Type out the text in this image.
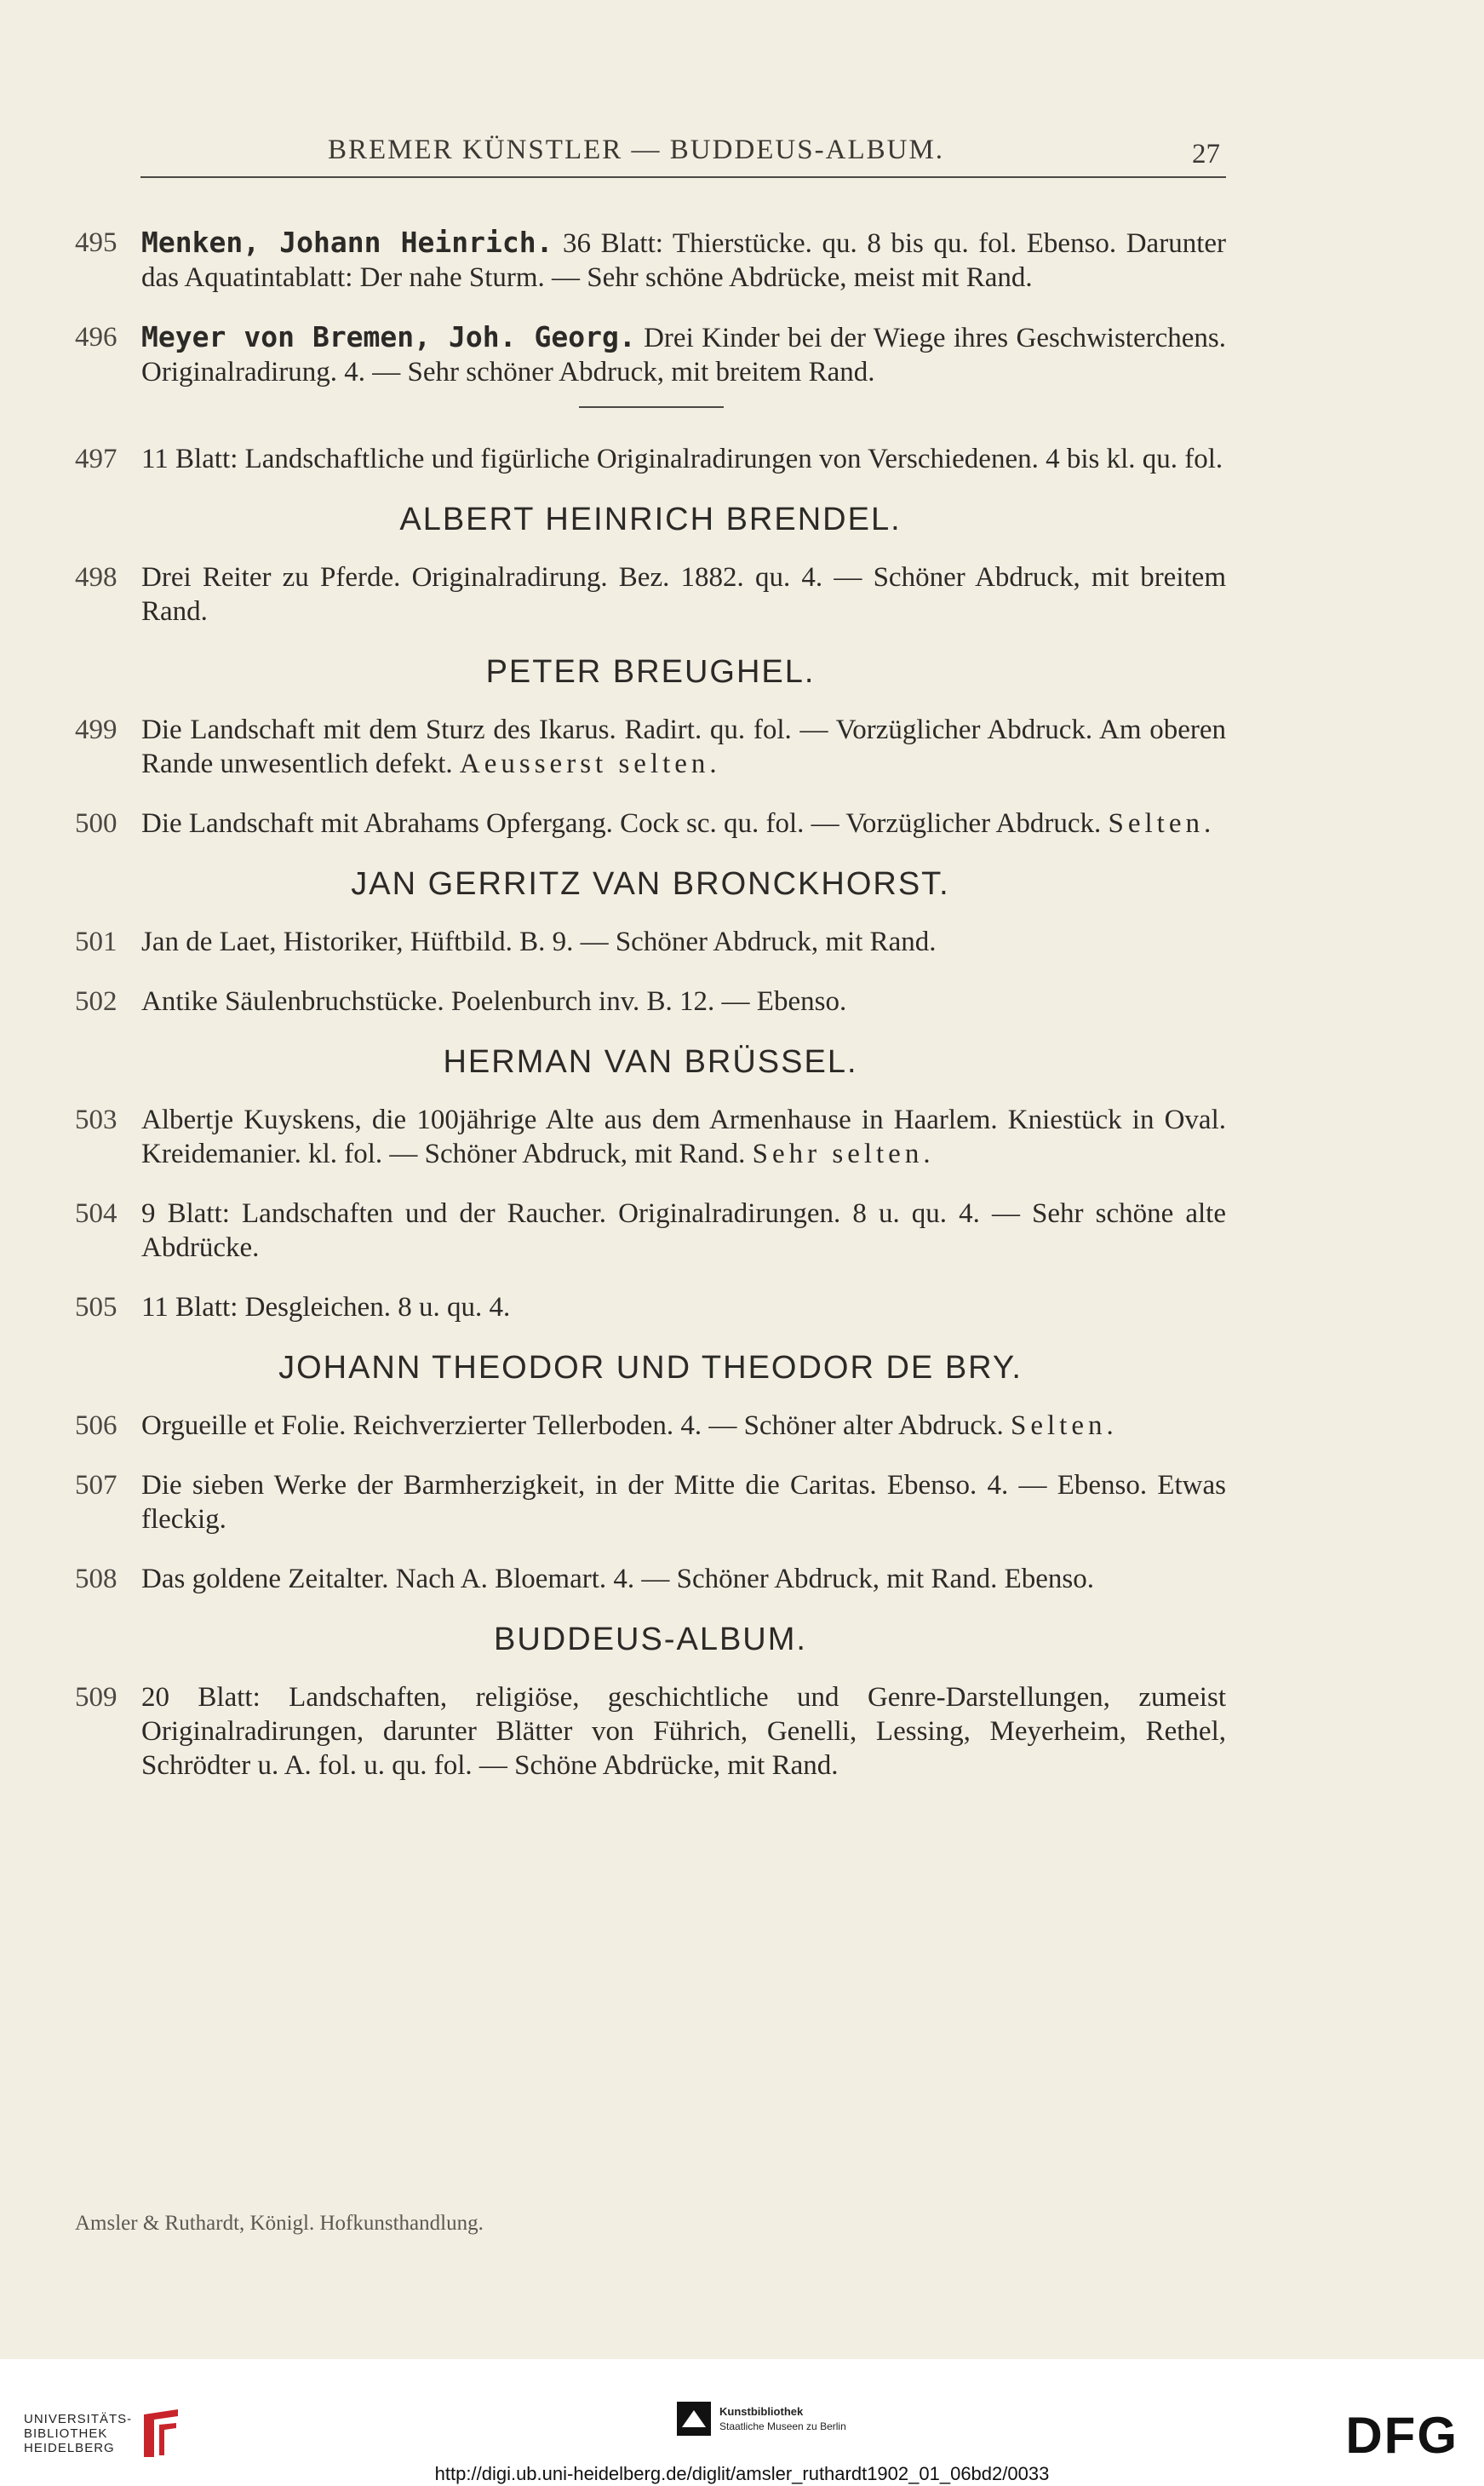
BREMER KÜNSTLER — BUDDEUS-ALBUM.	27
495 Menken, Johann Heinrich. 36 Blatt: Thierstücke. qu. 8 bis qu. fol. Ebenso. Darunter das Aquatintablatt: Der nahe Sturm. — Sehr schöne Abdrücke, meist mit Rand.
496 Meyer von Bremen, Joh. Georg. Drei Kinder bei der Wiege ihres Geschwisterchens. Originalradirung. 4. — Sehr schöner Abdruck, mit breitem Rand.
497 11 Blatt: Landschaftliche und figürliche Originalradirungen von Verschiedenen. 4 bis kl. qu. fol.
ALBERT HEINRICH BRENDEL.
498 Drei Reiter zu Pferde. Originalradirung. Bez. 1882. qu. 4. — Schöner Abdruck, mit breitem Rand.
PETER BREUGHEL.
499 Die Landschaft mit dem Sturz des Ikarus. Radirt. qu. fol. — Vorzüglicher Abdruck. Am oberen Rande unwesentlich defekt. Aeusserst selten.
500 Die Landschaft mit Abrahams Opfergang. Cock sc. qu. fol. — Vorzüglicher Abdruck. Selten.
JAN GERRITZ VAN BRONCKHORST.
501 Jan de Laet, Historiker, Hüftbild. B. 9. — Schöner Abdruck, mit Rand.
502 Antike Säulenbruchstücke. Poelenburch inv. B. 12. — Ebenso.
HERMAN VAN BRÜSSEL.
503 Albertje Kuyskens, die 100jährige Alte aus dem Armenhause in Haarlem. Kniestück in Oval. Kreidemanier. kl. fol. — Schöner Abdruck, mit Rand. Sehr selten.
504 9 Blatt: Landschaften und der Raucher. Originalradirungen. 8 u. qu. 4. — Sehr schöne alte Abdrücke.
505 11 Blatt: Desgleichen. 8 u. qu. 4.
JOHANN THEODOR UND THEODOR DE BRY.
506 Orgueille et Folie. Reichverzierter Tellerboden. 4. — Schöner alter Abdruck. Selten.
507 Die sieben Werke der Barmherzigkeit, in der Mitte die Caritas. Ebenso. 4. — Ebenso. Etwas fleckig.
508 Das goldene Zeitalter. Nach A. Bloemart. 4. — Schöner Abdruck, mit Rand. Ebenso.
BUDDEUS-ALBUM.
509 20 Blatt: Landschaften, religiöse, geschichtliche und Genre-Darstellungen, zumeist Originalradirungen, darunter Blätter von Führich, Genelli, Lessing, Meyerheim, Rethel, Schrödter u. A. fol. u. qu. fol. — Schöne Abdrücke, mit Rand.
Amsler & Ruthardt, Königl. Hofkunsthandlung.
UNIVERSITÄTS-
BIBLIOTHEK
HEIDELBERG
Kunstbibliothek
Staatliche Museen zu Berlin	DFG
http://digi.ub.uni-heidelberg.de/diglit/amsler_ruthardt1902_01_06bd2/0033
